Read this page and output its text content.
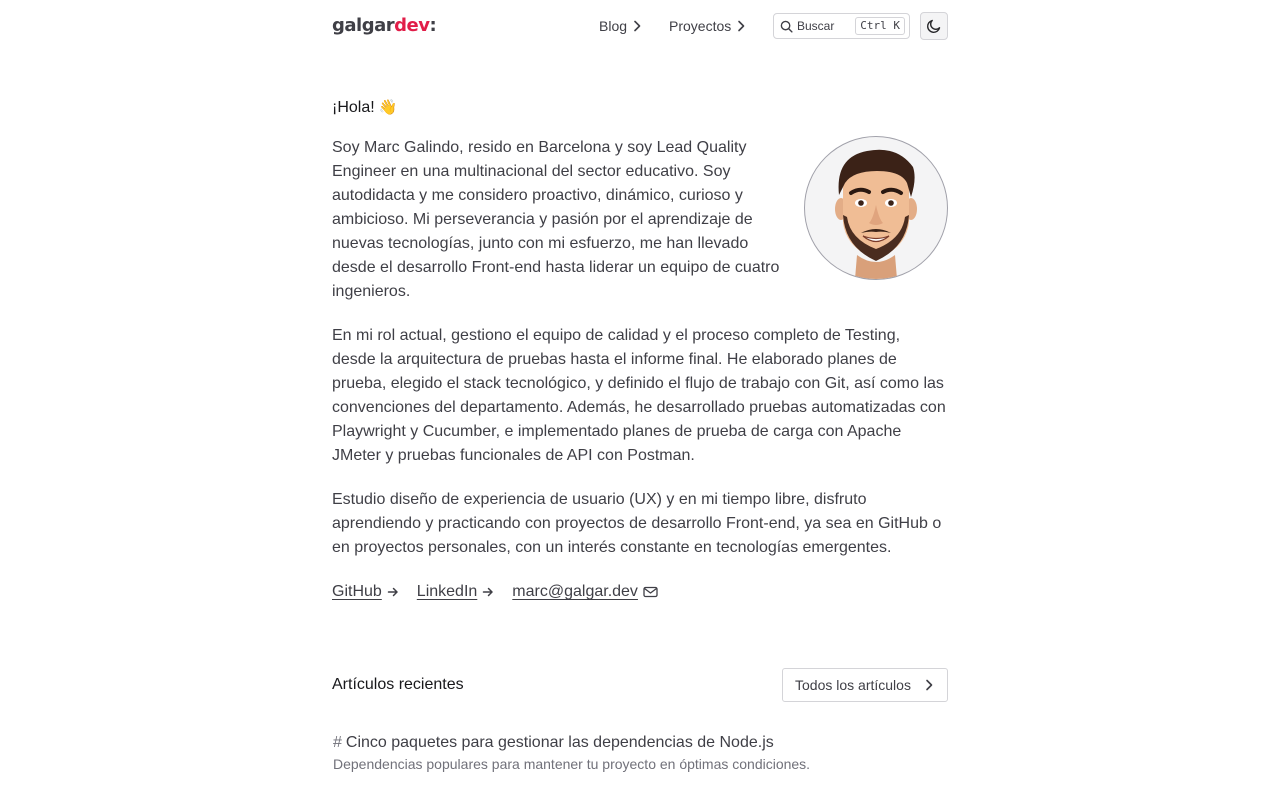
galgardev:	Blog	Proyectos	Buscar	Ctrl K
¡Hola! 👋

Soy Marc Galindo, resido en Barcelona y soy Lead Quality Engineer en una multinacional del sector educativo. Soy autodidacta y me considero proactivo, dinámico, curioso y ambicioso. Mi perseverancia y pasión por el aprendizaje de nuevas tecnologías, junto con mi esfuerzo, me han llevado desde el desarrollo Front-end hasta liderar un equipo de cuatro ingenieros.

En mi rol actual, gestiono el equipo de calidad y el proceso completo de Testing, desde la arquitectura de pruebas hasta el informe final. He elaborado planes de prueba, elegido el stack tecnológico, y definido el flujo de trabajo con Git, así como las convenciones del departamento. Además, he desarrollado pruebas automatizadas con Playwright y Cucumber, e implementado planes de prueba de carga con Apache JMeter y pruebas funcionales de API con Postman.

Estudio diseño de experiencia de usuario (UX) y en mi tiempo libre, disfruto aprendiendo y practicando con proyectos de desarrollo Front-end, ya sea en GitHub o en proyectos personales, con un interés constante en tecnologías emergentes.

GitHub LinkedIn marc@galgar.dev
Artículos recientes	Todos los artículos
# Cinco paquetes para gestionar las dependencias de Node.js
Dependencias populares para mantener tu proyecto en óptimas condiciones.
